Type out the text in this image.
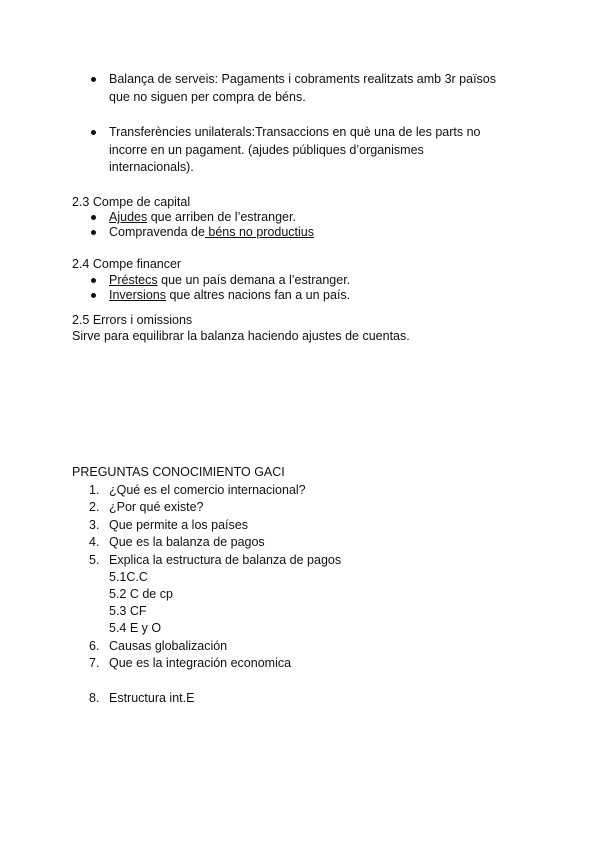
Balança de serveis: Pagaments i cobraments realitzats amb 3r països
que no siguen per compra de béns.
Transferències unilaterals:Transaccions en què una de les parts no
incorre en un pagament. (ajudes públiques d’organismes
internacionals).
2.3 Compe de capital
Ajudes que arriben de l’estranger.
Compravenda de béns no productius
2.4 Compe financer
Préstecs que un país demana a l’estranger.
Inversions que altres nacions fan a un país.
2.5 Errors i omissions
Sirve para equilibrar la balanza haciendo ajustes de cuentas.
PREGUNTAS CONOCIMIENTO GACI
1. ¿Qué es el comercio internacional?
2. ¿Por qué existe?
3. Que permite a los países
4. Que es la balanza de pagos
5. Explica la estructura de balanza de pagos
5.1C.C
5.2 C de cp
5.3 CF
5.4 E y O
6. Causas globalización
7. Que es la integración economica
8. Estructura int.E
